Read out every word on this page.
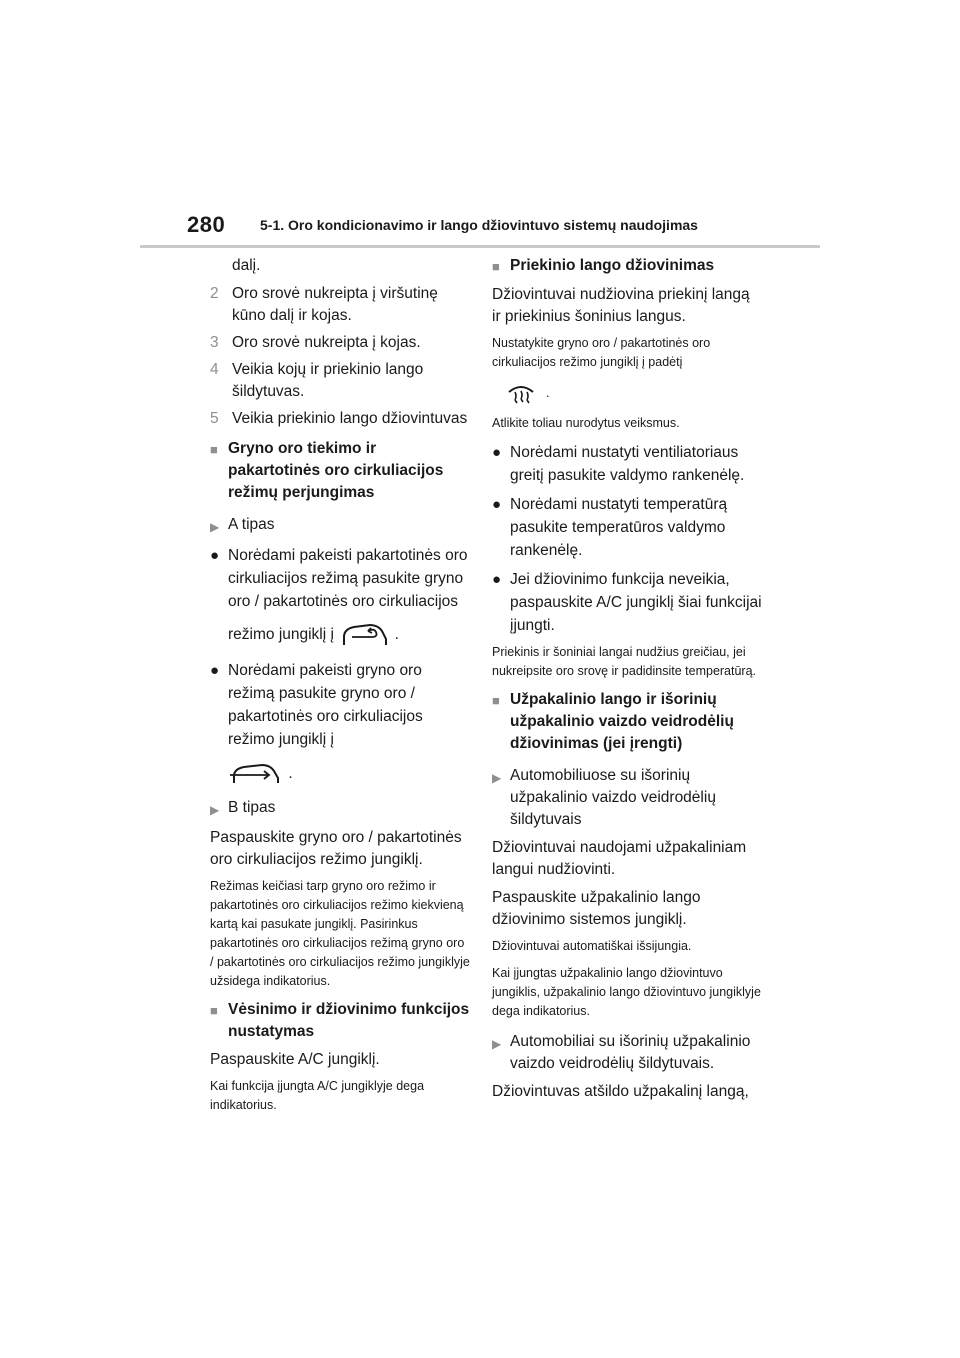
280 5-1. Oro kondicionavimo ir lango džiovintuvo sistemų naudojimas

dalį.

2 Oro srovė nukreipta į viršutinę kūno dalį ir kojas.
3 Oro srovė nukreipta į kojas.
4 Veikia kojų ir priekinio lango šildytuvas.
5 Veikia priekinio lango džiovintuvas
■ Gryno oro tiekimo ir pakartotinės oro cirkuliacijos režimų perjungimas
▶ A tipas
● Norėdami pakeisti pakartotinės oro cirkuliacijos režimą pasukite gryno oro / pakartotinės oro cirkuliacijos
režimo jungiklį į	.
● Norėdami pakeisti gryno oro režimą pasukite gryno oro / pakartotinės oro cirkuliacijos režimo jungiklį į
.
▶ B tipas

Paspauskite gryno oro / pakartotinės oro cirkuliacijos režimo jungiklį.

Režimas keičiasi tarp gryno oro režimo ir pakartotinės oro cirkuliacijos režimo kiekvieną kartą kai pasukate jungiklį. Pasirinkus pakartotinės oro cirkuliacijos režimą gryno oro / pakartotinės oro cirkuliacijos režimo jungiklyje užsidega indikatorius.

■ Vėsinimo ir džiovinimo funkcijos nustatymas

Paspauskite A/C jungiklį.

Kai funkcija įjungta A/C jungiklyje dega indikatorius.

■ Priekinio lango džiovinimas

Džiovintuvai nudžiovina priekinį langą ir priekinius šoninius langus.

Nustatykite gryno oro / pakartotinės oro cirkuliacijos režimo jungiklį į padėtį

.

Atlikite toliau nurodytus veiksmus.

● Norėdami nustatyti ventiliatoriaus greitį pasukite valdymo rankenėlę.
● Norėdami nustatyti temperatūrą pasukite temperatūros valdymo rankenėlę.
● Jei džiovinimo funkcija neveikia, paspauskite A/C jungiklį šiai funkcijai įjungti.

Priekinis ir šoniniai langai nudžius greičiau, jei nukreipsite oro srovę ir padidinsite temperatūrą.

■ Užpakalinio lango ir išorinių užpakalinio vaizdo veidrodėlių džiovinimas (jei įrengti)
▶ Automobiliuose su išorinių užpakalinio vaizdo veidrodėlių šildytuvais

Džiovintuvai naudojami užpakaliniam langui nudžiovinti.

Paspauskite užpakalinio lango džiovinimo sistemos jungiklį.

Džiovintuvai automatiškai išsijungia.

Kai įjungtas užpakalinio lango džiovintuvo jungiklis, užpakalinio lango džiovintuvo jungiklyje dega indikatorius.

▶ Automobiliai su išorinių užpakalinio vaizdo veidrodėlių šildytuvais.

Džiovintuvas atšildo užpakalinį langą,
